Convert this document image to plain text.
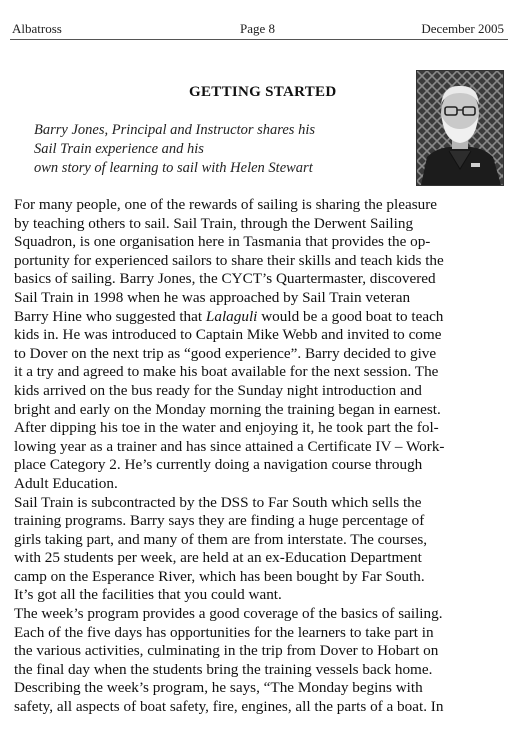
Albatross	Page 8	December 2005
GETTING STARTED
Barry Jones, Principal and Instructor shares his
Sail Train experience and his
own story of learning to sail with Helen Stewart
For many people, one of the rewards of sailing is sharing the pleasure
by teaching others to sail. Sail Train, through the Derwent Sailing
Squadron, is one organisation here in Tasmania that provides the op-
portunity for experienced sailors to share their skills and teach kids the
basics of sailing. Barry Jones, the CYCT’s Quartermaster, discovered
Sail Train in 1998 when he was approached by Sail Train veteran
Barry Hine who suggested that Lalaguli would be a good boat to teach
kids in. He was introduced to Captain Mike Webb and invited to come
to Dover on the next trip as “good experience”. Barry decided to give
it a try and agreed to make his boat available for the next session. The
kids arrived on the bus ready for the Sunday night introduction and
bright and early on the Monday morning the training began in earnest.
After dipping his toe in the water and enjoying it, he took part the fol-
lowing year as a trainer and has since attained a Certificate IV – Work-
place Category 2. He’s currently doing a navigation course through
Adult Education.
Sail Train is subcontracted by the DSS to Far South which sells the
training programs. Barry says they are finding a huge percentage of
girls taking part, and many of them are from interstate. The courses,
with 25 students per week, are held at an ex-Education Department
camp on the Esperance River, which has been bought by Far South.
It’s got all the facilities that you could want.
The week’s program provides a good coverage of the basics of sailing.
Each of the five days has opportunities for the learners to take part in
the various activities, culminating in the trip from Dover to Hobart on
the final day when the students bring the training vessels back home.
Describing the week’s program, he says, “The Monday begins with
safety, all aspects of boat safety, fire, engines, all the parts of a boat. In
